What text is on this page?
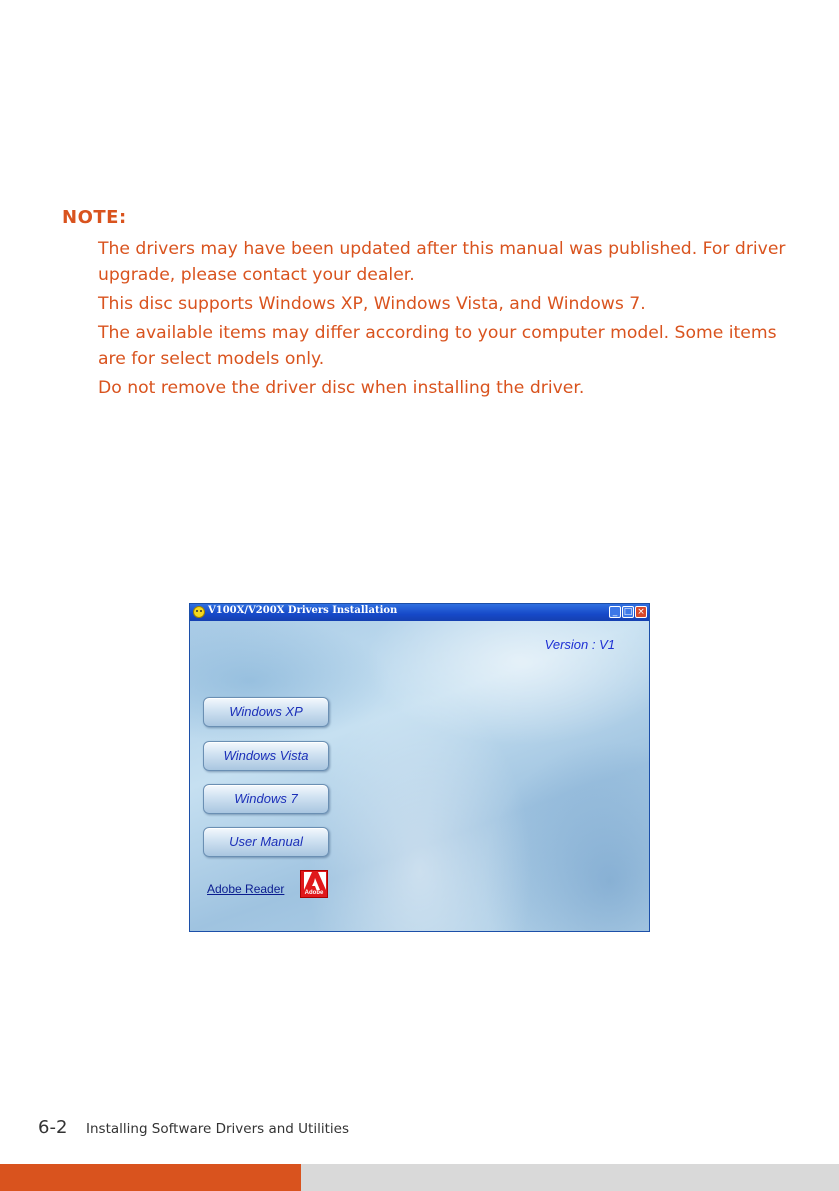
NOTE:
The drivers may have been updated after this manual was published. For driver upgrade, please contact your dealer.
This disc supports Windows XP, Windows Vista, and Windows 7.
The available items may differ according to your computer model. Some items are for select models only.
Do not remove the driver disc when installing the driver.
V100X/V200X Drivers Installation	_ □ ×
Version : V1
Windows XP
Windows Vista
Windows 7
User Manual
Adobe Reader	Adobe
6-2 Installing Software Drivers and Utilities
